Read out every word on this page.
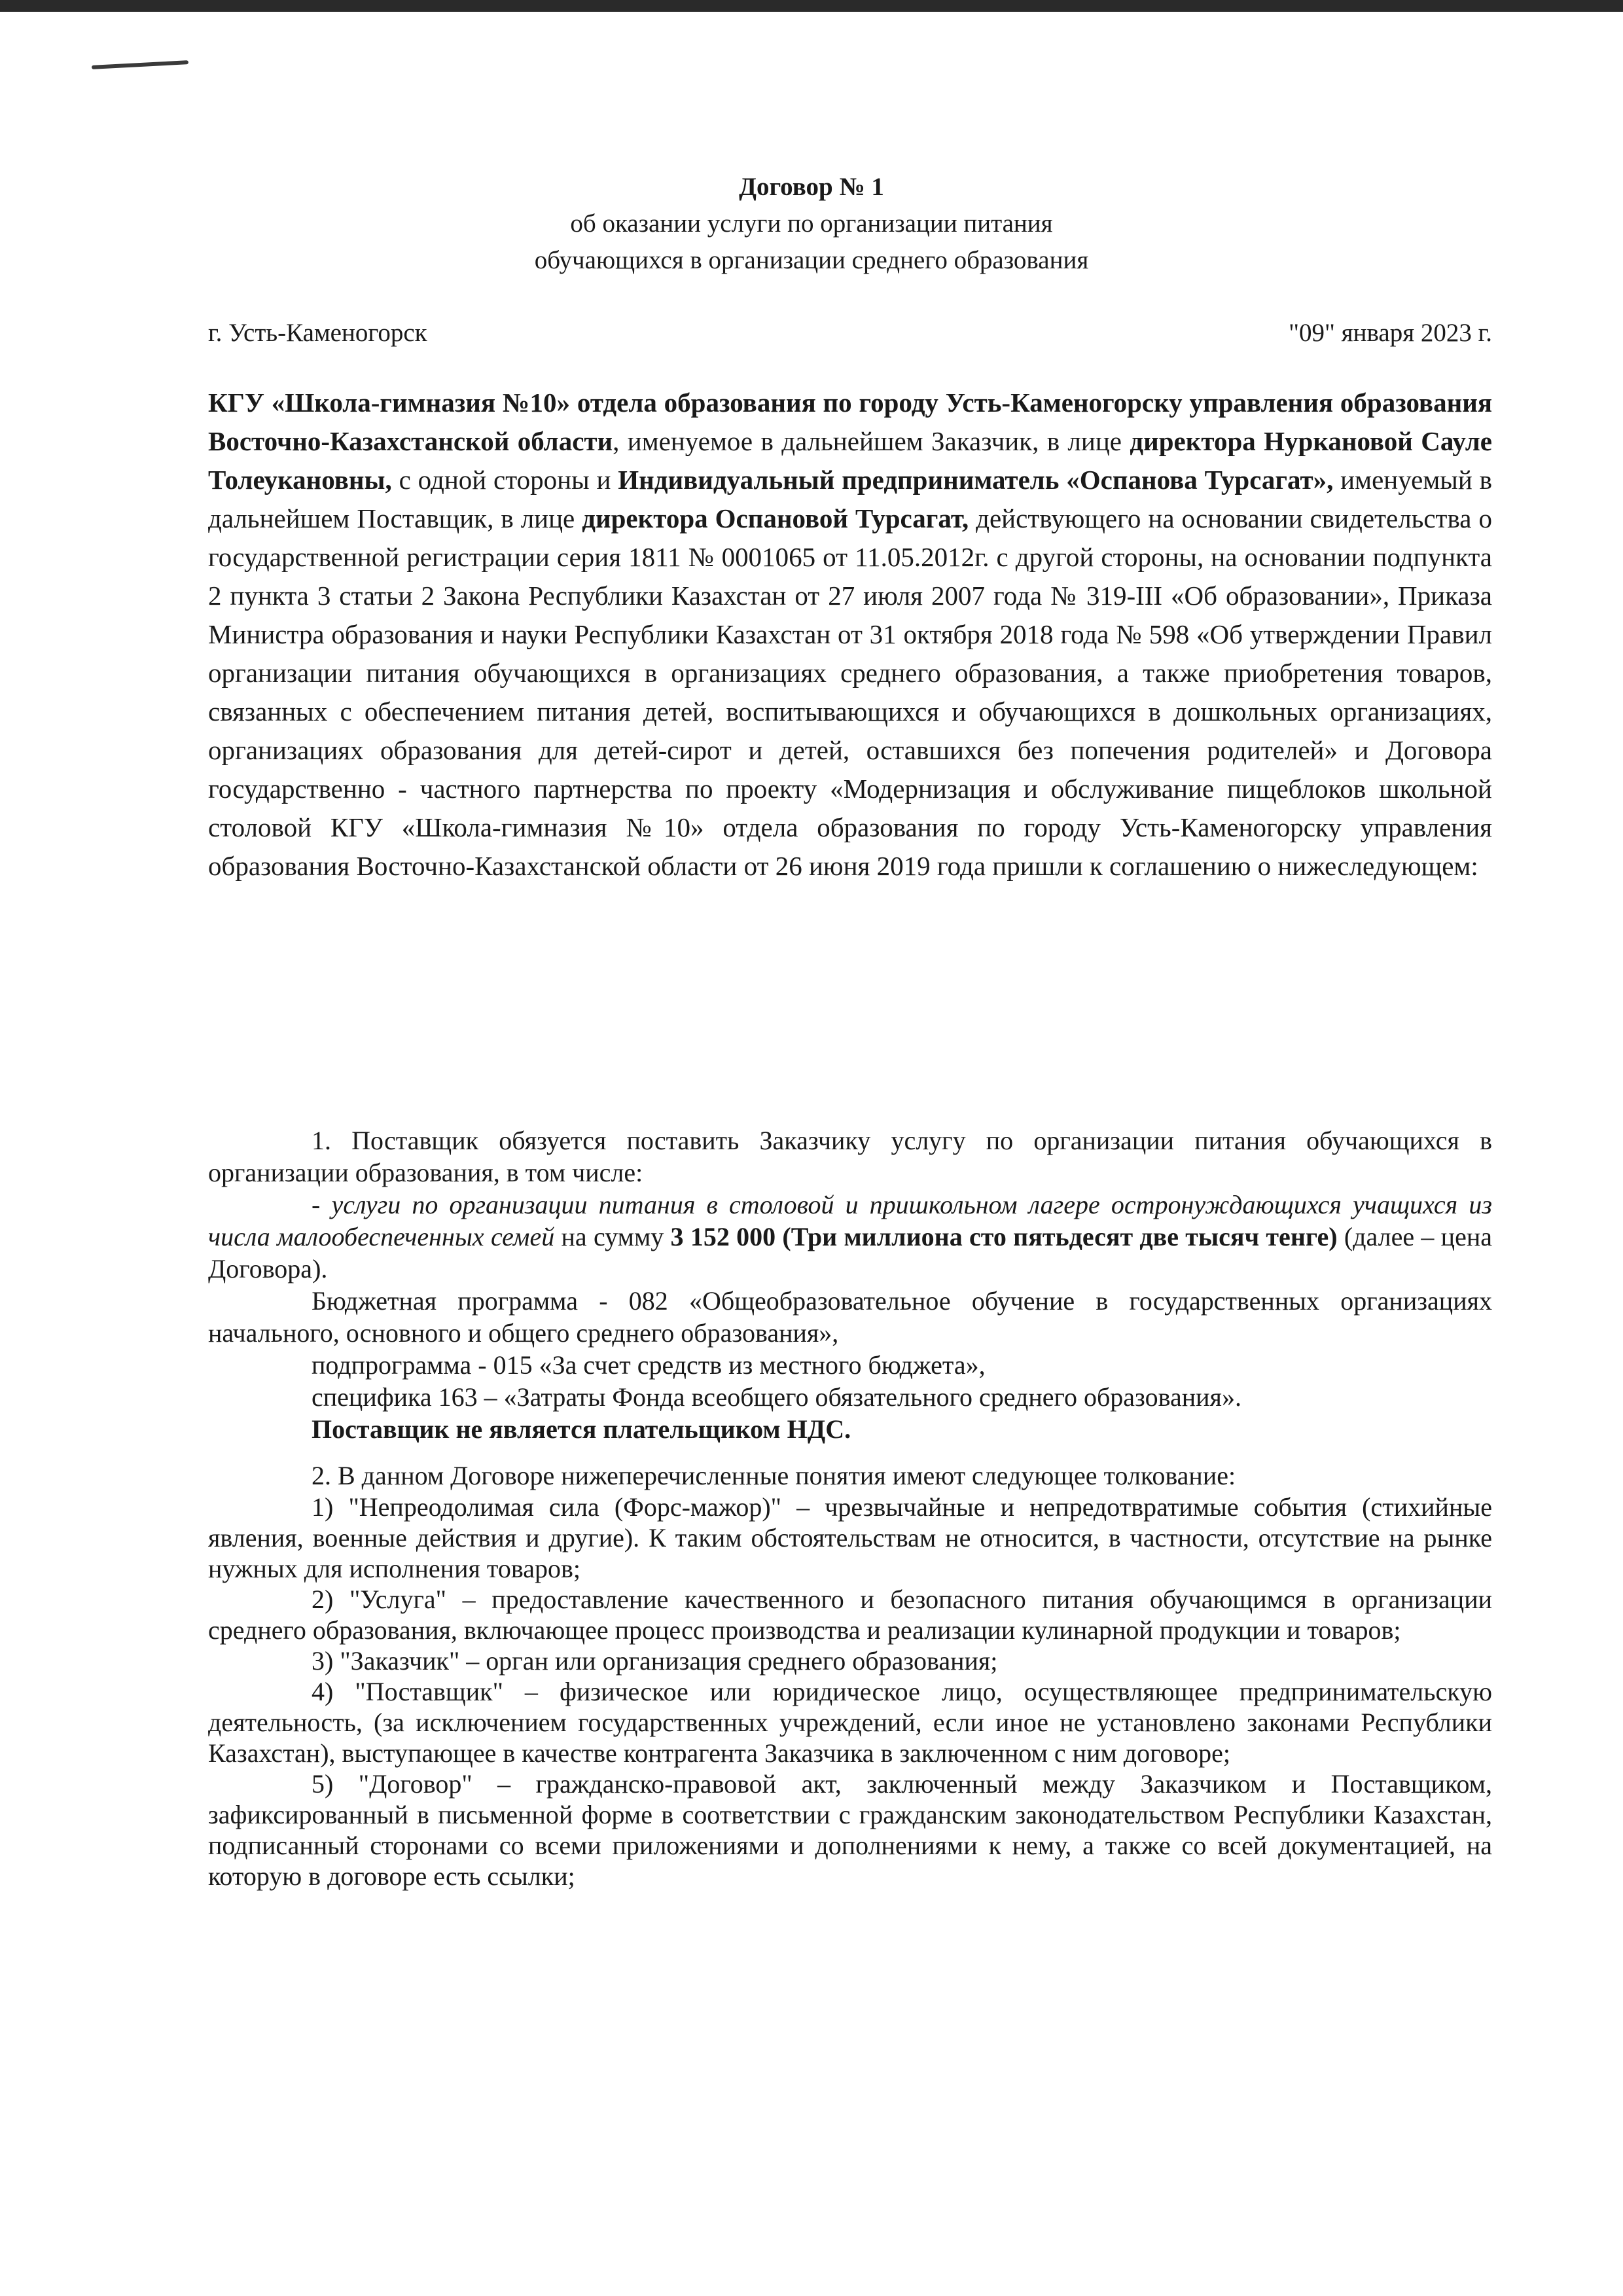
Договор № 1
об оказании услуги по организации питания
обучающихся в организации среднего образования
г. Усть-Каменогорск	"09" января 2023 г.
КГУ «Школа-гимназия №10» отдела образования по городу Усть-Каменогорску управления образования Восточно-Казахстанской области, именуемое в дальнейшем Заказчик, в лице директора Нуркановой Сауле Толеукановны, с одной стороны и Индивидуальный предприниматель «Оспанова Турсагат», именуемый в дальнейшем Поставщик, в лице директора Оспановой Турсагат, действующего на основании свидетельства о государственной регистрации серия 1811 № 0001065 от 11.05.2012г. с другой стороны, на основании подпункта 2 пункта 3 статьи 2 Закона Республики Казахстан от 27 июля 2007 года № 319-III «Об образовании», Приказа Министра образования и науки Республики Казахстан от 31 октября 2018 года № 598 «Об утверждении Правил организации питания обучающихся в организациях среднего образования, а также приобретения товаров, связанных с обеспечением питания детей, воспитывающихся и обучающихся в дошкольных организациях, организациях образования для детей-сирот и детей, оставшихся без попечения родителей» и Договора государственно - частного партнерства по проекту «Модернизация и обслуживание пищеблоков школьной столовой КГУ «Школа-гимназия №10» отдела образования по городу Усть-Каменогорску управления образования Восточно-Казахстанской области от 26 июня 2019 года пришли к соглашению о нижеследующем:

1. Поставщик обязуется поставить Заказчику услугу по организации питания обучающихся в организации образования, в том числе:

- услуги по организации питания в столовой и пришкольном лагере остронуждающихся учащихся из числа малообеспеченных семей на сумму 3 152 000 (Три миллиона сто пятьдесят две тысяч тенге) (далее – цена Договора).

Бюджетная программа - 082 «Общеобразовательное обучение в государственных организациях начального, основного и общего среднего образования»,

подпрограмма - 015 «За счет средств из местного бюджета»,

специфика 163 – «Затраты Фонда всеобщего обязательного среднего образования».

Поставщик не является плательщиком НДС.

2. В данном Договоре нижеперечисленные понятия имеют следующее толкование:

1) "Непреодолимая сила (Форс-мажор)" – чрезвычайные и непредотвратимые события (стихийные явления, военные действия и другие). К таким обстоятельствам не относится, в частности, отсутствие на рынке нужных для исполнения товаров;

2) "Услуга" – предоставление качественного и безопасного питания обучающимся в организации среднего образования, включающее процесс производства и реализации кулинарной продукции и товаров;

3) "Заказчик" – орган или организация среднего образования;

4) "Поставщик" – физическое или юридическое лицо, осуществляющее предпринимательскую деятельность, (за исключением государственных учреждений, если иное не установлено законами Республики Казахстан), выступающее в качестве контрагента Заказчика в заключенном с ним договоре;

5) "Договор" – гражданско-правовой акт, заключенный между Заказчиком и Поставщиком, зафиксированный в письменной форме в соответствии с гражданским законодательством Республики Казахстан, подписанный сторонами со всеми приложениями и дополнениями к нему, а также со всей документацией, на которую в договоре есть ссылки;
